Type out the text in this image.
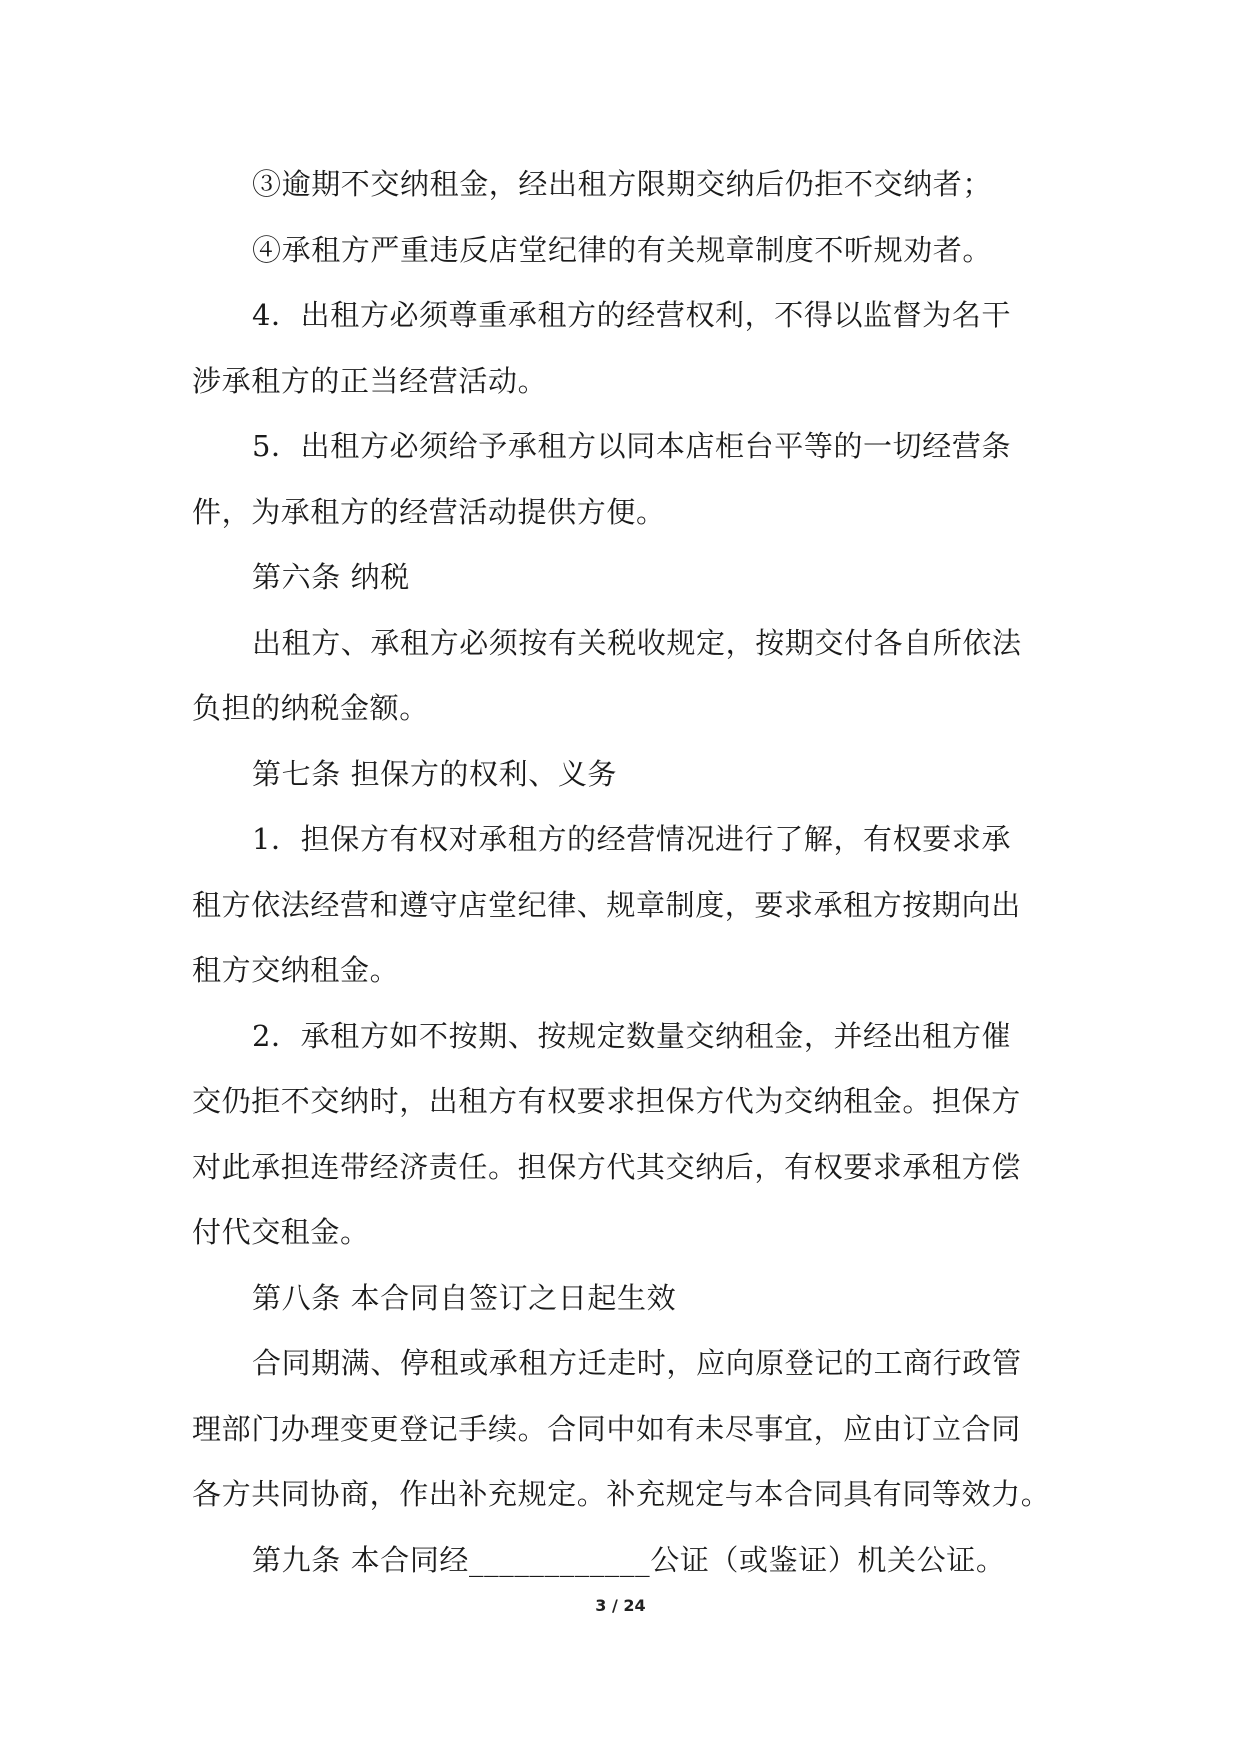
③逾期不交纳租金，经出租方限期交纳后仍拒不交纳者；
④承租方严重违反店堂纪律的有关规章制度不听规劝者。
4．出租方必须尊重承租方的经营权利，不得以监督为名干
涉承租方的正当经营活动。
5．出租方必须给予承租方以同本店柜台平等的一切经营条
件，为承租方的经营活动提供方便。
第六条 纳税
出租方、承租方必须按有关税收规定，按期交付各自所依法
负担的纳税金额。
第七条 担保方的权利、义务
1．担保方有权对承租方的经营情况进行了解，有权要求承
租方依法经营和遵守店堂纪律、规章制度，要求承租方按期向出
租方交纳租金。
2．承租方如不按期、按规定数量交纳租金，并经出租方催
交仍拒不交纳时，出租方有权要求担保方代为交纳租金。担保方
对此承担连带经济责任。担保方代其交纳后，有权要求承租方偿
付代交租金。
第八条 本合同自签订之日起生效
合同期满、停租或承租方迁走时，应向原登记的工商行政管
理部门办理变更登记手续。合同中如有未尽事宜，应由订立合同
各方共同协商，作出补充规定。补充规定与本合同具有同等效力。
第九条 本合同经____________公证（或鉴证）机关公证。
3 / 24
